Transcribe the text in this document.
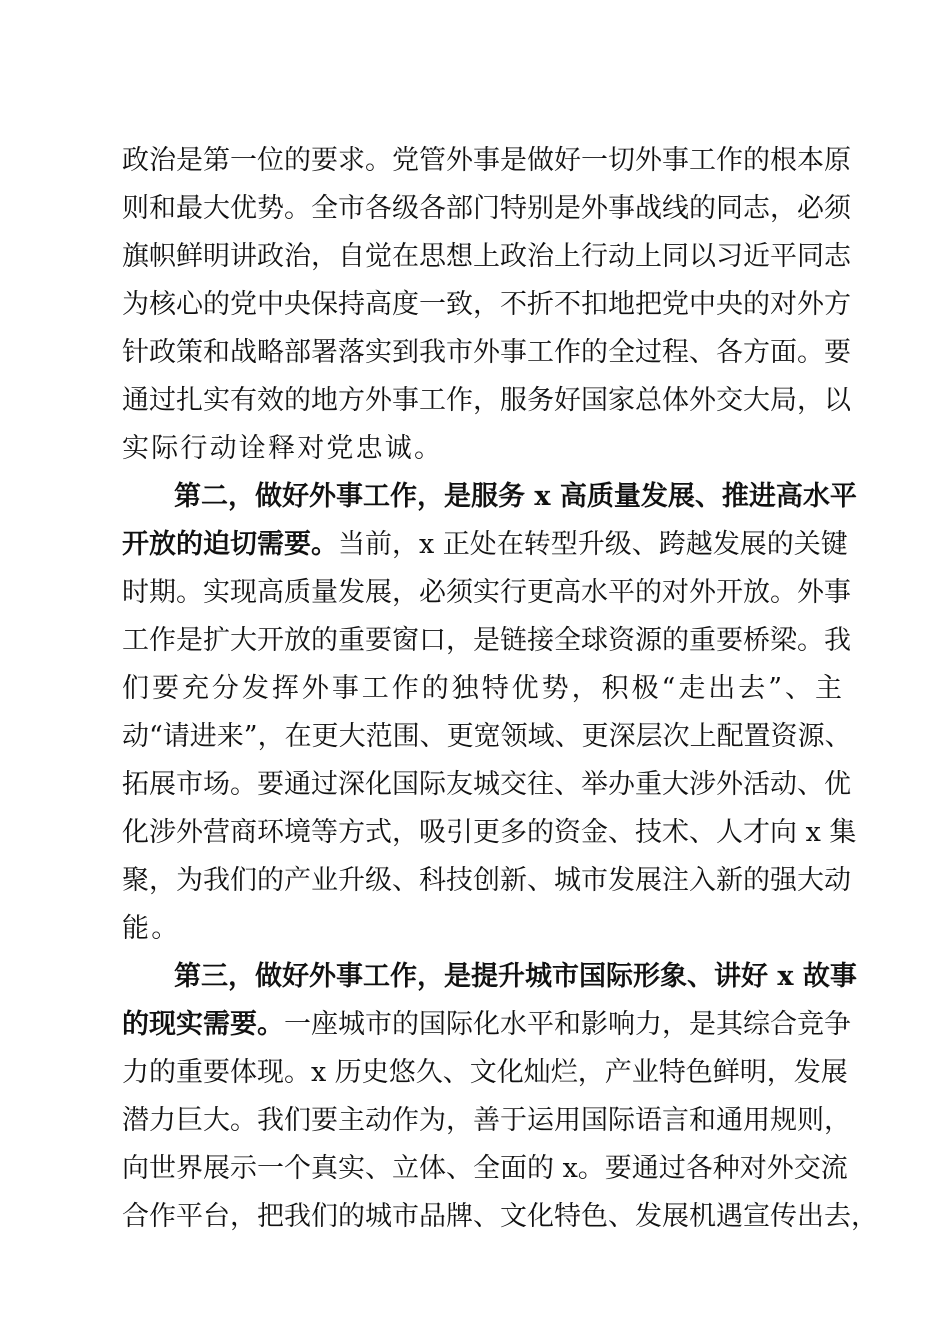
政治是第一位的要求。党管外事是做好一切外事工作的根本原
则和最大优势。全市各级各部门特别是外事战线的同志，必须
旗帜鲜明讲政治，自觉在思想上政治上行动上同以习近平同志
为核心的党中央保持高度一致，不折不扣地把党中央的对外方
针政策和战略部署落实到我市外事工作的全过程、各方面。要
通过扎实有效的地方外事工作，服务好国家总体外交大局，以
实际行动诠释对党忠诚。
第二，做好外事工作，是服务 x 高质量发展、推进高水平
开放的迫切需要。当前，x 正处在转型升级、跨越发展的关键
时期。实现高质量发展，必须实行更高水平的对外开放。外事
工作是扩大开放的重要窗口，是链接全球资源的重要桥梁。我
们要充分发挥外事工作的独特优势，积极“走出去”、主
动“请进来”，在更大范围、更宽领域、更深层次上配置资源、
拓展市场。要通过深化国际友城交往、举办重大涉外活动、优
化涉外营商环境等方式，吸引更多的资金、技术、人才向 x 集
聚，为我们的产业升级、科技创新、城市发展注入新的强大动
能。
第三，做好外事工作，是提升城市国际形象、讲好 x 故事
的现实需要。一座城市的国际化水平和影响力，是其综合竞争
力的重要体现。x 历史悠久、文化灿烂，产业特色鲜明，发展
潜力巨大。我们要主动作为，善于运用国际语言和通用规则，
向世界展示一个真实、立体、全面的 x。要通过各种对外交流
合作平台，把我们的城市品牌、文化特色、发展机遇宣传出去，
